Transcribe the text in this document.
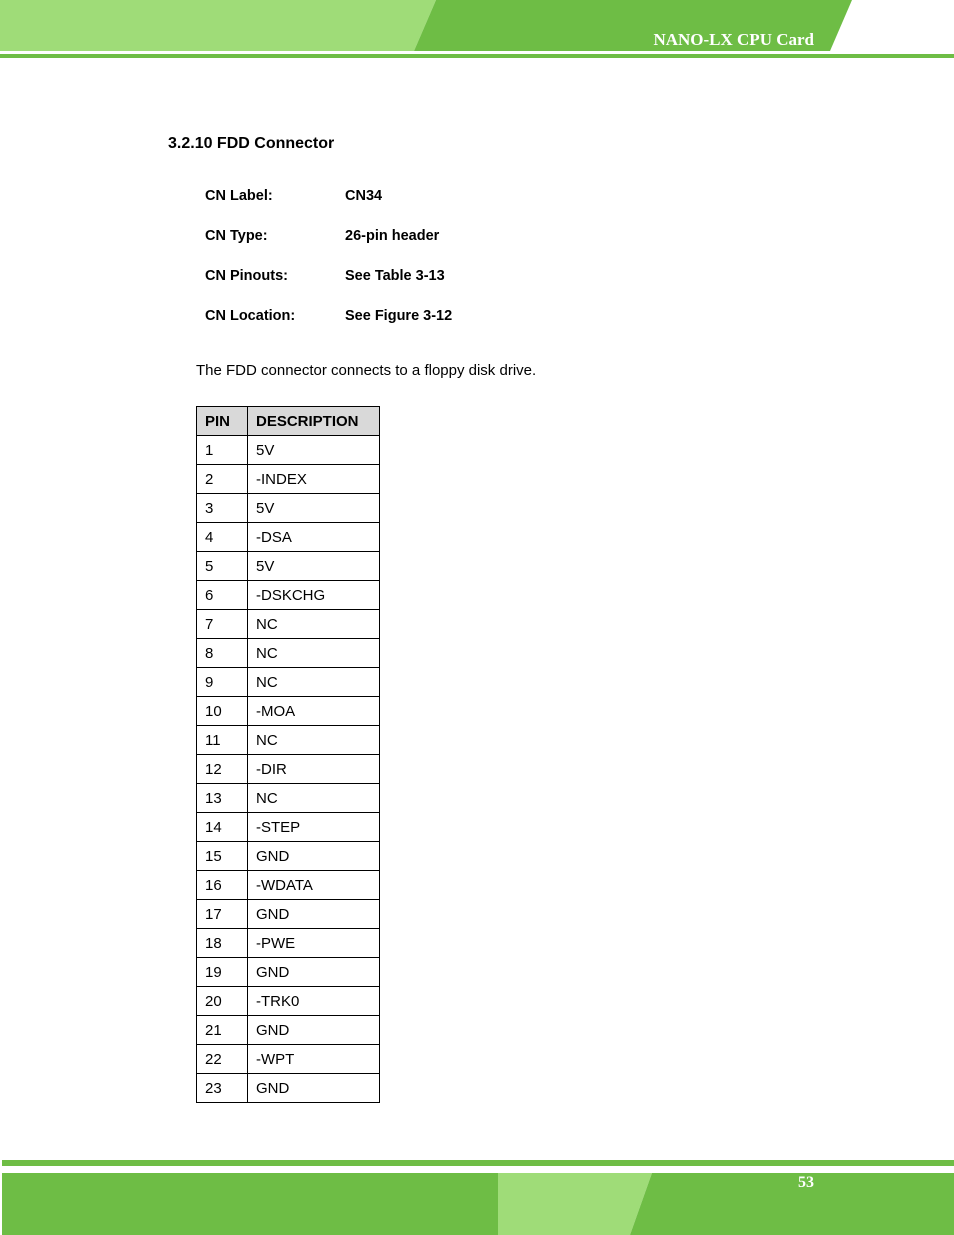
NANO-LX CPU Card
3.2.10 FDD Connector
CN Label:	CN34
CN Type:	26-pin header
CN Pinouts:	See Table 3-13
CN Location:	See Figure 3-12
The FDD connector connects to a floppy disk drive.
PIN	DESCRIPTION
1	5V
2	-INDEX
3	5V
4	-DSA
5	5V
6	-DSKCHG
7	NC
8	NC
9	NC
10	-MOA
11	NC
12	-DIR
13	NC
14	-STEP
15	GND
16	-WDATA
17	GND
18	-PWE
19	GND
20	-TRK0
21	GND
22	-WPT
23	GND
53
